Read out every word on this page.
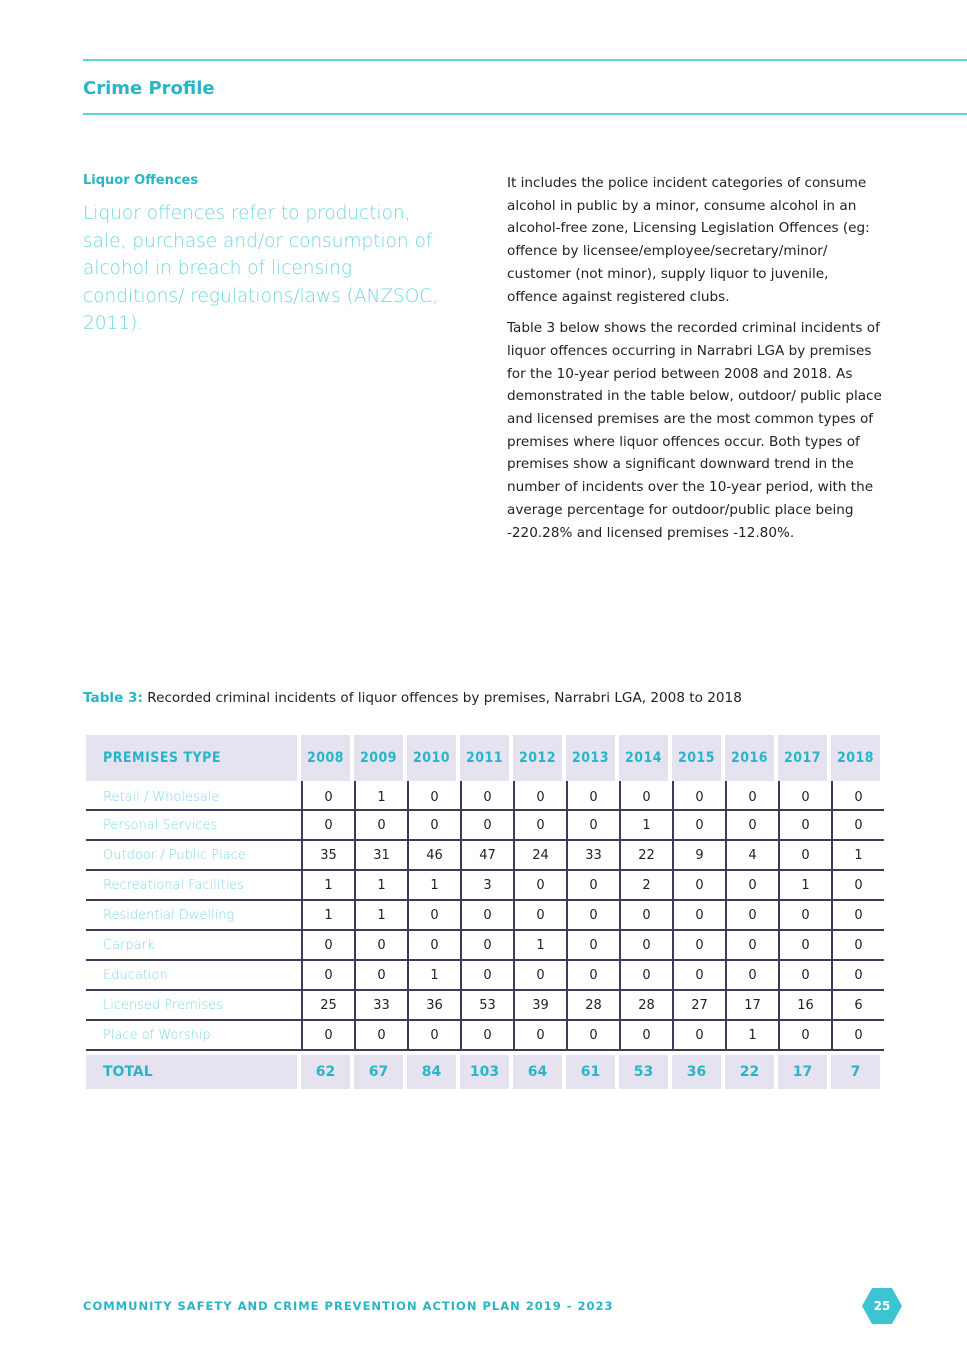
Crime Profile
Liquor Offences
Liquor offences refer to production, sale, purchase and/or consumption of alcohol in breach of licensing conditions/ regulations/laws (ANZSOC, 2011).

It includes the police incident categories of consume alcohol in public by a minor, consume alcohol in an alcohol-free zone, Licensing Legislation Offences (eg: offence by licensee/employee/secretary/minor/ customer (not minor), supply liquor to juvenile, offence against registered clubs.

Table 3 below shows the recorded criminal incidents of liquor offences occurring in Narrabri LGA by premises for the 10-year period between 2008 and 2018. As demonstrated in the table below, outdoor/ public place and licensed premises are the most common types of premises where liquor offences occur. Both types of premises show a significant downward trend in the number of incidents over the 10-year period, with the average percentage for outdoor/public place being -220.28% and licensed premises -12.80%.

Table 3: Recorded criminal incidents of liquor offences by premises, Narrabri LGA, 2008 to 2018
PREMISES TYPE	2008	2009	2010	2011	2012	2013	2014	2015	2016	2017	2018
Retail / Wholesale	0	1	0	0	0	0	0	0	0	0	0
Personal Services	0	0	0	0	0	0	1	0	0	0	0
Outdoor / Public Place	35	31	46	47	24	33	22	9	4	0	1
Recreational Facilities	1	1	1	3	0	0	2	0	0	1	0
Residential Dwelling	1	1	0	0	0	0	0	0	0	0	0
Carpark	0	0	0	0	1	0	0	0	0	0	0
Education	0	0	1	0	0	0	0	0	0	0	0
Licensed Premises	25	33	36	53	39	28	28	27	17	16	6
Place of Worship	0	0	0	0	0	0	0	0	1	0	0
TOTAL	62	67	84	103	64	61	53	36	22	17	7
COMMUNITY SAFETY AND CRIME PREVENTION ACTION PLAN 2019 - 2023	25
